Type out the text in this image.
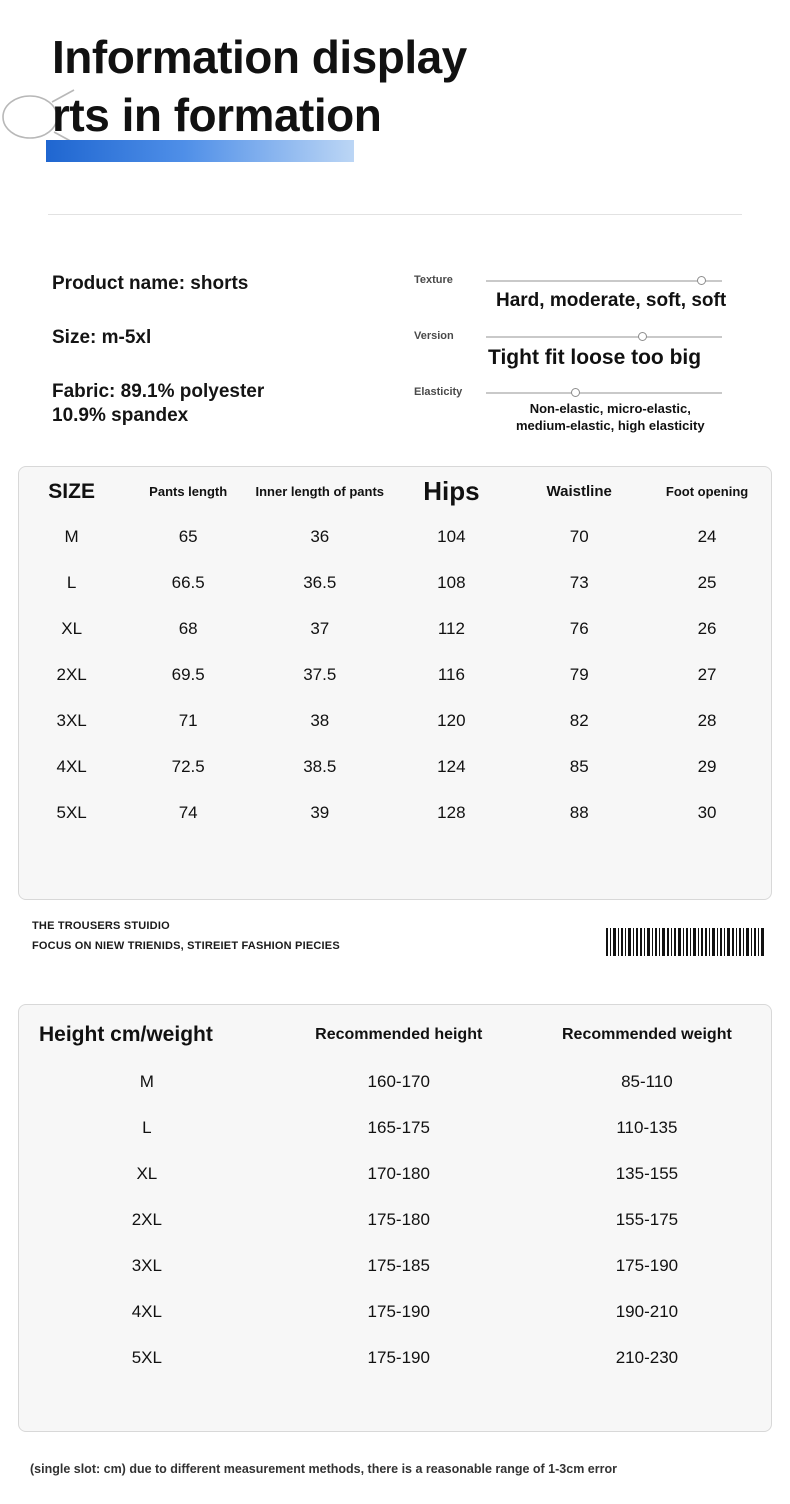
Information display
rts in formation
Product name: shorts
Size: m-5xl
Fabric: 89.1% polyester
10.9% spandex
Texture
Hard, moderate, soft, soft
Version
Tight fit loose too big
Elasticity
Non-elastic, micro-elastic,
medium-elastic, high elasticity
SIZE	Pants length	Inner length of pants	Hips	Waistline	Foot opening
M	65	36	104	70	24
L	66.5	36.5	108	73	25
XL	68	37	112	76	26
2XL	69.5	37.5	116	79	27
3XL	71	38	120	82	28
4XL	72.5	38.5	124	85	29
5XL	74	39	128	88	30
THE TROUSERS STUIDIO
FOCUS ON NIEW TRIENIDS, STIREIET FASHION PIECIES
Height cm/weight	Recommended height	Recommended weight
M	160-170	85-110
L	165-175	110-135
XL	170-180	135-155
2XL	175-180	155-175
3XL	175-185	175-190
4XL	175-190	190-210
5XL	175-190	210-230
(single slot: cm) due to different measurement methods, there is a reasonable range of 1-3cm error
